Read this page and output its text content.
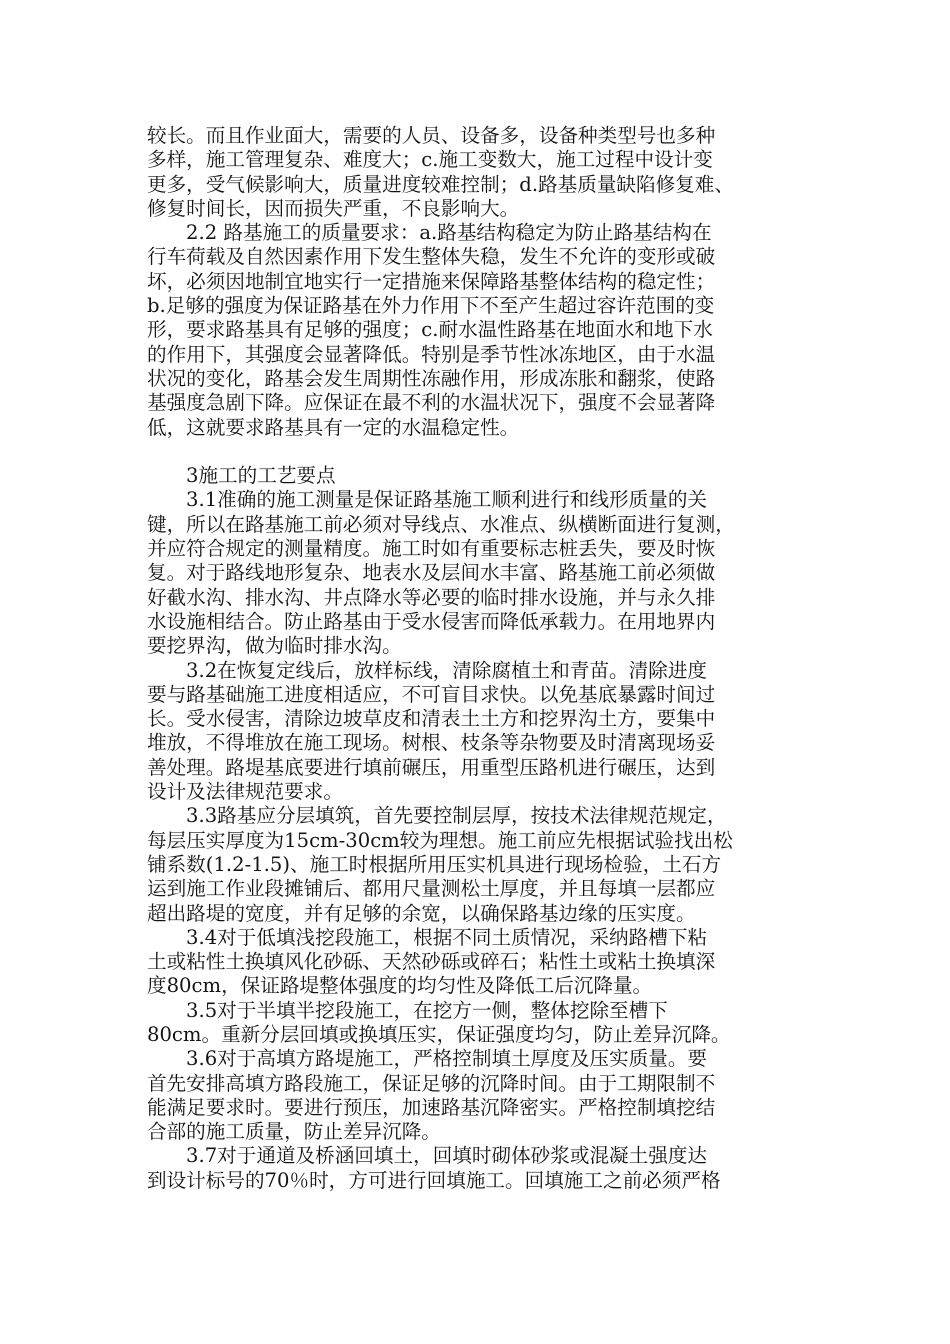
较长。而且作业面大，需要的人员、设备多，设备种类型号也多种
多样，施工管理复杂、难度大；c.施工变数大，施工过程中设计变
更多，受气候影响大，质量进度较难控制；d.路基质量缺陷修复难、
修复时间长，因而损失严重，不良影响大。
2.2 路基施工的质量要求：a.路基结构稳定为防止路基结构在
行车荷载及自然因素作用下发生整体失稳，发生不允许的变形或破
坏，必须因地制宜地实行一定措施来保障路基整体结构的稳定性；
b.足够的强度为保证路基在外力作用下不至产生超过容许范围的变
形，要求路基具有足够的强度；c.耐水温性路基在地面水和地下水
的作用下，其强度会显著降低。特别是季节性冰冻地区，由于水温
状况的变化，路基会发生周期性冻融作用，形成冻胀和翻浆，使路
基强度急剧下降。应保证在最不利的水温状况下，强度不会显著降
低，这就要求路基具有一定的水温稳定性。
3施工的工艺要点
3.1准确的施工测量是保证路基施工顺利进行和线形质量的关
键，所以在路基施工前必须对导线点、水准点、纵横断面进行复测，
并应符合规定的测量精度。施工时如有重要标志桩丢失，要及时恢
复。对于路线地形复杂、地表水及层间水丰富、路基施工前必须做
好截水沟、排水沟、井点降水等必要的临时排水设施，并与永久排
水设施相结合。防止路基由于受水侵害而降低承载力。在用地界内
要挖界沟，做为临时排水沟。
3.2在恢复定线后，放样标线，清除腐植土和青苗。清除进度
要与路基础施工进度相适应，不可盲目求快。以免基底暴露时间过
长。受水侵害，清除边坡草皮和清表土土方和挖界沟土方，要集中
堆放，不得堆放在施工现场。树根、枝条等杂物要及时清离现场妥
善处理。路堤基底要进行填前碾压，用重型压路机进行碾压，达到
设计及法律规范要求。
3.3路基应分层填筑，首先要控制层厚，按技术法律规范规定，
每层压实厚度为15cm-30cm较为理想。施工前应先根据试验找出松
铺系数(1.2-1.5)、施工时根据所用压实机具进行现场检验，土石方
运到施工作业段摊铺后、都用尺量测松土厚度，并且每填一层都应
超出路堤的宽度，并有足够的余宽，以确保路基边缘的压实度。
3.4对于低填浅挖段施工，根据不同土质情况，采纳路槽下粘
土或粘性土换填风化砂砾、天然砂砾或碎石；粘性土或粘土换填深
度80cm，保证路堤整体强度的均匀性及降低工后沉降量。
3.5对于半填半挖段施工，在挖方一侧，整体挖除至槽下
80cm。重新分层回填或换填压实，保证强度均匀，防止差异沉降。
3.6对于高填方路堤施工，严格控制填土厚度及压实质量。要
首先安排高填方路段施工，保证足够的沉降时间。由于工期限制不
能满足要求时。要进行预压，加速路基沉降密实。严格控制填挖结
合部的施工质量，防止差异沉降。
3.7对于通道及桥涵回填土，回填时砌体砂浆或混凝土强度达
到设计标号的70％时，方可进行回填施工。回填施工之前必须严格
